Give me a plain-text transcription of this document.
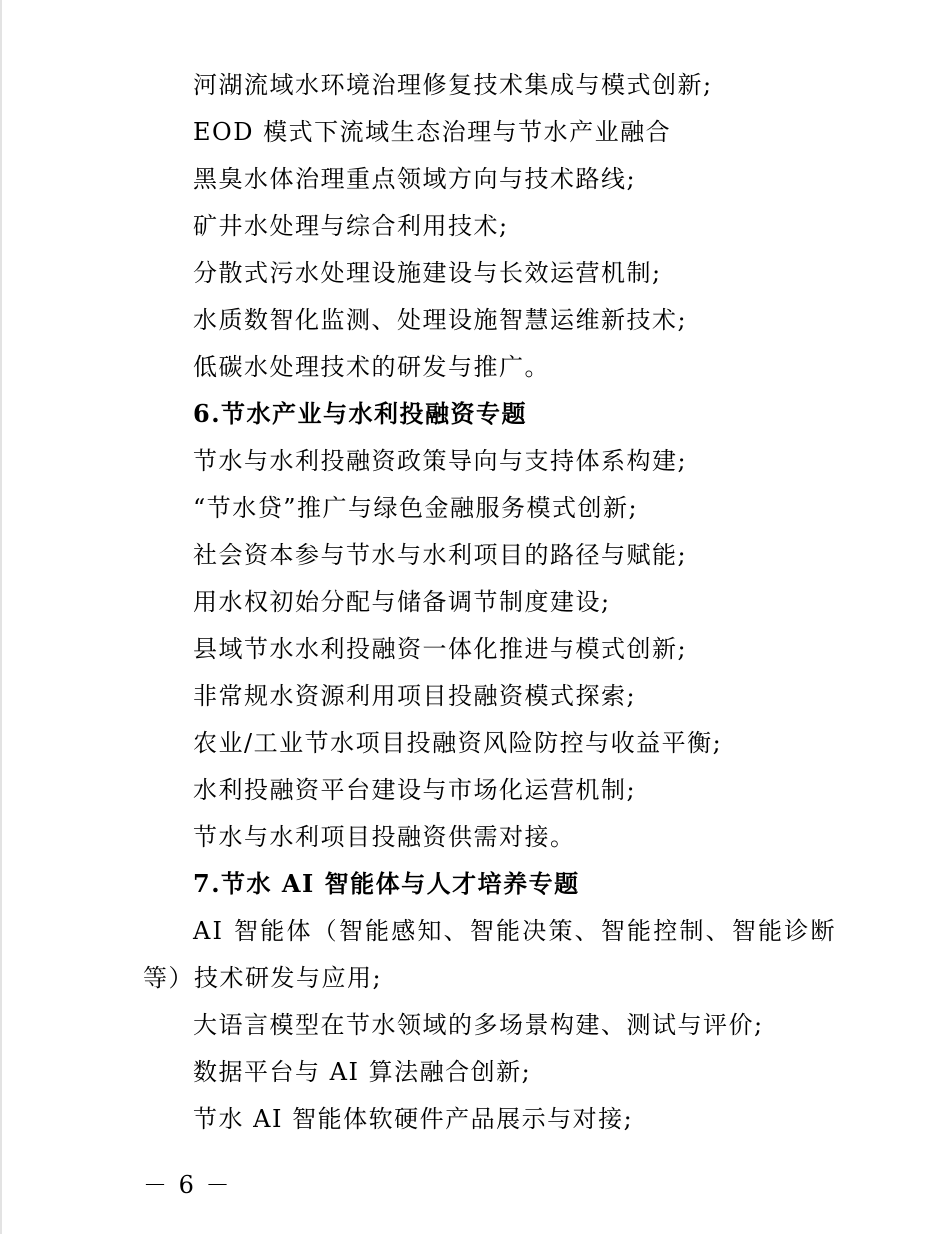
河湖流域水环境治理修复技术集成与模式创新;
EOD 模式下流域生态治理与节水产业融合
黑臭水体治理重点领域方向与技术路线;
矿井水处理与综合利用技术;
分散式污水处理设施建设与长效运营机制;
水质数智化监测、处理设施智慧运维新技术;
低碳水处理技术的研发与推广。
6.节水产业与水利投融资专题
节水与水利投融资政策导向与支持体系构建;
“节水贷”推广与绿色金融服务模式创新;
社会资本参与节水与水利项目的路径与赋能;
用水权初始分配与储备调节制度建设;
县域节水水利投融资一体化推进与模式创新;
非常规水资源利用项目投融资模式探索;
农业/工业节水项目投融资风险防控与收益平衡;
水利投融资平台建设与市场化运营机制;
节水与水利项目投融资供需对接。
7.节水 AI 智能体与人才培养专题
AI 智能体（智能感知、智能决策、智能控制、智能诊断
等）技术研发与应用;
大语言模型在节水领域的多场景构建、测试与评价;
数据平台与 AI 算法融合创新;
节水 AI 智能体软硬件产品展示与对接;
－ 6 －
